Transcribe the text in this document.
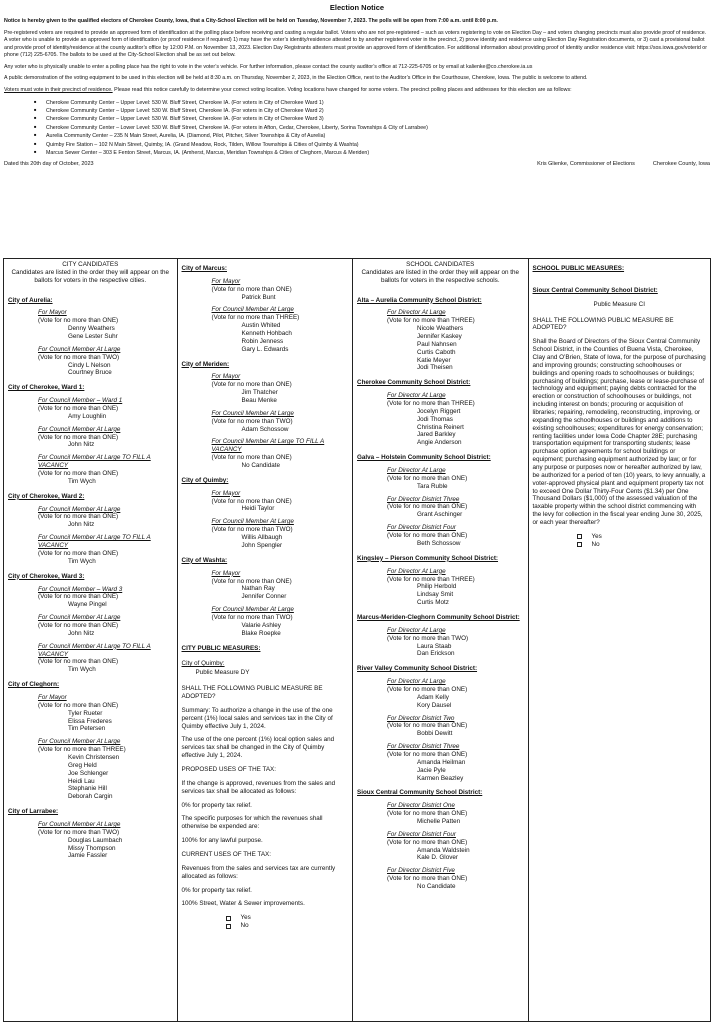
Election Notice

Notice is hereby given to the qualified electors of Cherokee County, Iowa, that a City-School Election will be held on Tuesday, November 7, 2023. The polls will be open from 7:00 a.m. until 8:00 p.m.

Pre-registered voters are required to provide an approved form of identification at the polling place before receiving and casting a regular ballot. Voters who are not pre-registered – such as voters registering to vote on Election Day – and voters changing precincts must also provide proof of residence. A voter who is unable to provide an approved form of identification (or proof residence if required) 1) may have the voter’s identity/residence attested to by another registered voter in the precinct, 2) prove identity and residence using Election Day Registration documents, or 3) cast a provisional ballot and provide proof of identity/residence at the county auditor’s office by 12:00 P.M. on November 13, 2023. Election Day Registrants attesters must provide an approved form of identification. For additional information about providing proof of identity and/or residence visit: https://sos.iowa.gov/voterid or phone (712) 225-6705. The ballots to be used at the City-School Election shall be as set out below.

Any voter who is physically unable to enter a polling place has the right to vote in the voter’s vehicle. For further information, please contact the county auditor’s office at 712-225-6705 or by email at kalienke@co.cherokee.ia.us

A public demonstration of the voting equipment to be used in this election will be held at 8:30 a.m. on Thursday, November 2, 2023, in the Election Office, next to the Auditor’s Office in the Courthouse, Cherokee, Iowa. The public is welcome to attend.

Voters must vote in their precinct of residence. Please read this notice carefully to determine your correct voting location. Voting locations have changed for some voters. The precinct polling places and addresses for this election are as follows:

■ Cherokee Community Center – Upper Level: 530 W. Bluff Street, Cherokee IA. (For voters in City of Cherokee Ward 1)
■ Cherokee Community Center – Upper Level: 530 W. Bluff Street, Cherokee IA. (For voters in City of Cherokee Ward 2)
■ Cherokee Community Center – Upper Level: 530 W. Bluff Street, Cherokee IA. (For voters in City of Cherokee Ward 3)
■ Cherokee Community Center – Lower Level: 530 W. Bluff Street, Cherokee IA. (For voters in Afton, Cedar, Cherokee, Liberty, Sorina Townships & City of Larrabee)
■ Aurelia Community Center – 235 N Main Street, Aurelia, IA. (Diamond, Pilot, Pitcher, Silver Townships & City of Aurelia)
■ Quimby Fire Station – 102 N Main Street, Quimby, IA. (Grand Meadow, Rock, Tilden, Willow Townships & Cities of Quimby & Washta)
■ Marcus Sewer Center – 303 E Fenton Street, Marcus, IA. (Amherst, Marcus, Meridian Townships & Cities of Cleghorn, Marcus & Meriden)
Dated this 20th day of October, 2023	Kris Glienke, Commissioner of Elections	Cherokee County, Iowa
CITY CANDIDATES
Candidates are listed in the order they will appear on the ballots for voters in the respective cities.
City of Aurelia:
For Mayor
(Vote for no more than ONE)
Denny Weathers
Gene Lester Suhr
For Council Member At Large
(Vote for no more than TWO)
Cindy L Nelson
Courtney Bruce
City of Cherokee, Ward 1:
For Council Member – Ward 1
(Vote for no more than ONE)
Amy Loughlin
For Council Member At Large
(Vote for no more than ONE)
John Nitz
For Council Member At Large TO FILL A VACANCY
(Vote for no more than ONE)
Tim Wych
City of Cherokee, Ward 2:
For Council Member At Large
(Vote for no more than ONE)
John Nitz
For Council Member At Large TO FILL A VACANCY
(Vote for no more than ONE)
Tim Wych
City of Cherokee, Ward 3:
For Council Member – Ward 3
(Vote for no more than ONE)
Wayne Pingel
For Council Member At Large
(Vote for no more than ONE)
John Nitz
For Council Member At Large TO FILL A VACANCY
(Vote for no more than ONE)
Tim Wych
City of Cleghorn:
For Mayor
(Vote for no more than ONE)
Tyler Rueter
Elissa Frederes
Tim Petersen
For Council Member At Large
(Vote for no more than THREE)
Kevin Christensen
Greg Held
Joe Schlenger
Heidi Lau
Stephanie Hill
Deborah Cargin
City of Larrabee:
For Council Member At Large
(Vote for no more than TWO)
Douglas Laumbach
Missy Thompson
Jamie Fassler
City of Marcus:
For Mayor
(Vote for no more than ONE)
Patrick Bunt
For Council Member At Large
(Vote for no more than THREE)
Austin Whited
Kenneth Hohbach
Robin Jenness
Gary L. Edwards
City of Meriden:
For Mayor
(Vote for no more than ONE)
Jim Thatcher
Beau Menke
For Council Member At Large
(Vote for no more than TWO)
Adam Schossow
For Council Member At Large TO FILL A VACANCY
(Vote for no more than ONE)
No Candidate
City of Quimby:
For Mayor
(Vote for no more than ONE)
Heidi Taylor
For Council Member At Large
(Vote for no more than TWO)
Willis Allbaugh
John Spengler
City of Washta:
For Mayor
(Vote for no more than ONE)
Nathan Ray
Jennifer Conner
For Council Member At Large
(Vote for no more than TWO)
Valarie Ashley
Blake Roepke
CITY PUBLIC MEASURES:
City of Quimby:

Public Measure DY

SHALL THE FOLLOWING PUBLIC MEASURE BE ADOPTED?

Summary: To authorize a change in the use of the one percent (1%) local sales and services tax in the City of Quimby effective July 1, 2024.

The use of the one percent (1%) local option sales and services tax shall be changed in the City of Quimby effective July 1, 2024.

PROPOSED USES OF THE TAX:

If the change is approved, revenues from the sales and services tax shall be allocated as follows:

0% for property tax relief.

The specific purposes for which the revenues shall otherwise be expended are:

100% for any lawful purpose.

CURRENT USES OF THE TAX:

Revenues from the sales and services tax are currently allocated as follows:

0% for property tax relief.

100% Street, Water & Sewer improvements.

Yes
No
SCHOOL CANDIDATES
Candidates are listed in the order they will appear on the ballots for voters in the respective schools.
Alta – Aurelia Community School District:
For Director At Large
(Vote for no more than THREE)
Nicole Weathers
Jennifer Kaskey
Paul Nahnsen
Curtis Caboth
Katie Meyer
Jodi Theisen
Cherokee Community School District:
For Director At Large
(Vote for no more than THREE)
Jocelyn Riggert
Jodi Thomas
Christina Reinert
Jared Barkley
Angie Anderson
Galva – Holstein Community School District:
For Director At Large
(Vote for no more than ONE)
Tara Ruble
For Director District Three
(Vote for no more than ONE)
Grant Aschinger
For Director District Four
(Vote for no more than ONE)
Beth Schossow
Kingsley – Pierson Community School District:
For Director At Large
(Vote for no more than THREE)
Philip Herbold
Lindsay Smit
Curtis Motz
Marcus-Meriden-Cleghorn Community School District:
For Director At Large
(Vote for no more than TWO)
Laura Staab
Dan Erickson
River Valley Community School District:
For Director At Large
(Vote for no more than ONE)
Adam Kelly
Kory Dausel
For Director District Two
(Vote for no more than ONE)
Bobbi Dewitt
For Director District Three
(Vote for no more than ONE)
Amanda Heilman
Jacie Pyle
Karmen Beazley
Sioux Central Community School District:
For Director District One
(Vote for no more than ONE)
Michelle Patten
For Director District Four
(Vote for no more than ONE)
Amanda Waldstein
Kale D. Glover
For Director District Five
(Vote for no more than ONE)
No Candidate
SCHOOL PUBLIC MEASURES:
Sioux Central Community School District:
Public Measure CI

SHALL THE FOLLOWING PUBLIC MEASURE BE ADOPTED?

Shall the Board of Directors of the Sioux Central Community School District, in the Counties of Buena Vista, Cherokee, Clay and O’Brien, State of Iowa, for the purpose of purchasing and improving grounds; constructing schoolhouses or buildings and opening roads to schoolhouses or buildings; purchasing of buildings; purchase, lease or lease-purchase of technology and equipment; paying debts contracted for the erection or construction of schoolhouses or buildings, not including interest on bonds; procuring or acquisition of libraries; repairing, remodeling, reconstructing, improving, or expanding the schoolhouses or buildings and additions to existing schoolhouses; expenditures for energy conservation; renting facilities under Iowa Code Chapter 28E; purchasing transportation equipment for transporting students; lease purchase option agreements for school buildings or equipment; purchasing equipment authorized by law; or for any purpose or purposes now or hereafter authorized by law, be authorized for a period of ten (10) years, to levy annually, a voter-approved physical plant and equipment property tax not to exceed One Dollar Thirty-Four Cents ($1.34) per One Thousand Dollars ($1,000) of the assessed valuation of the taxable property within the school district commencing with the levy for collection in the fiscal year ending June 30, 2025, or each year thereafter?

Yes
No
